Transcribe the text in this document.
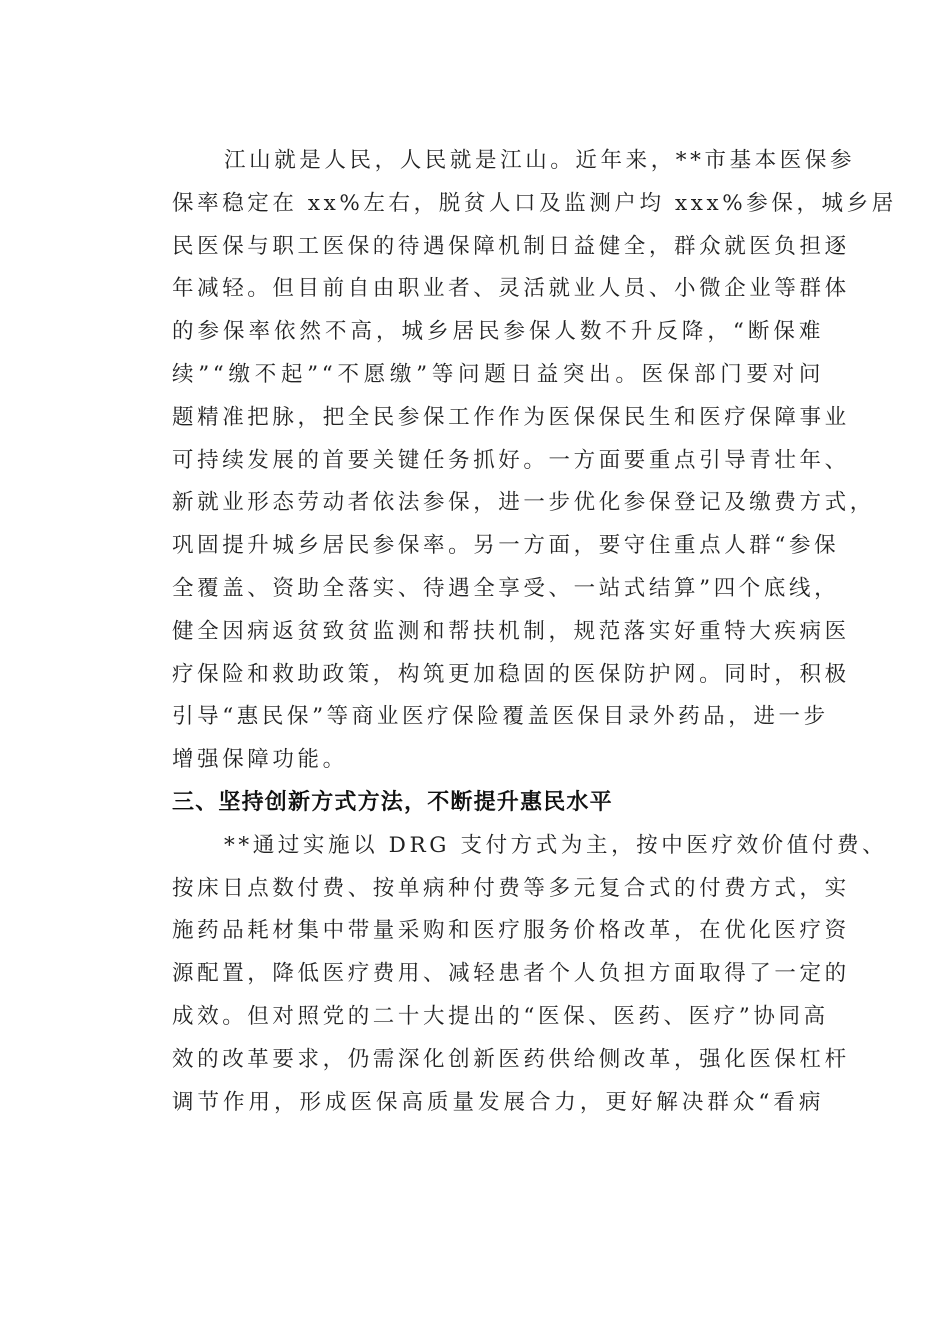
江山就是人民，人民就是江山。近年来，**市基本医保参
保率稳定在 xx%左右，脱贫人口及监测户均 xxx%参保，城乡居
民医保与职工医保的待遇保障机制日益健全，群众就医负担逐
年减轻。但目前自由职业者、灵活就业人员、小微企业等群体
的参保率依然不高，城乡居民参保人数不升反降，“断保难
续”“缴不起”“不愿缴”等问题日益突出。医保部门要对问
题精准把脉，把全民参保工作作为医保保民生和医疗保障事业
可持续发展的首要关键任务抓好。一方面要重点引导青壮年、
新就业形态劳动者依法参保，进一步优化参保登记及缴费方式，
巩固提升城乡居民参保率。另一方面，要守住重点人群“参保
全覆盖、资助全落实、待遇全享受、一站式结算”四个底线，
健全因病返贫致贫监测和帮扶机制，规范落实好重特大疾病医
疗保险和救助政策，构筑更加稳固的医保防护网。同时，积极
引导“惠民保”等商业医疗保险覆盖医保目录外药品，进一步
增强保障功能。
三、坚持创新方式方法，不断提升惠民水平
**通过实施以 DRG 支付方式为主，按中医疗效价值付费、
按床日点数付费、按单病种付费等多元复合式的付费方式，实
施药品耗材集中带量采购和医疗服务价格改革，在优化医疗资
源配置，降低医疗费用、减轻患者个人负担方面取得了一定的
成效。但对照党的二十大提出的“医保、医药、医疗”协同高
效的改革要求，仍需深化创新医药供给侧改革，强化医保杠杆
调节作用，形成医保高质量发展合力，更好解决群众“看病
